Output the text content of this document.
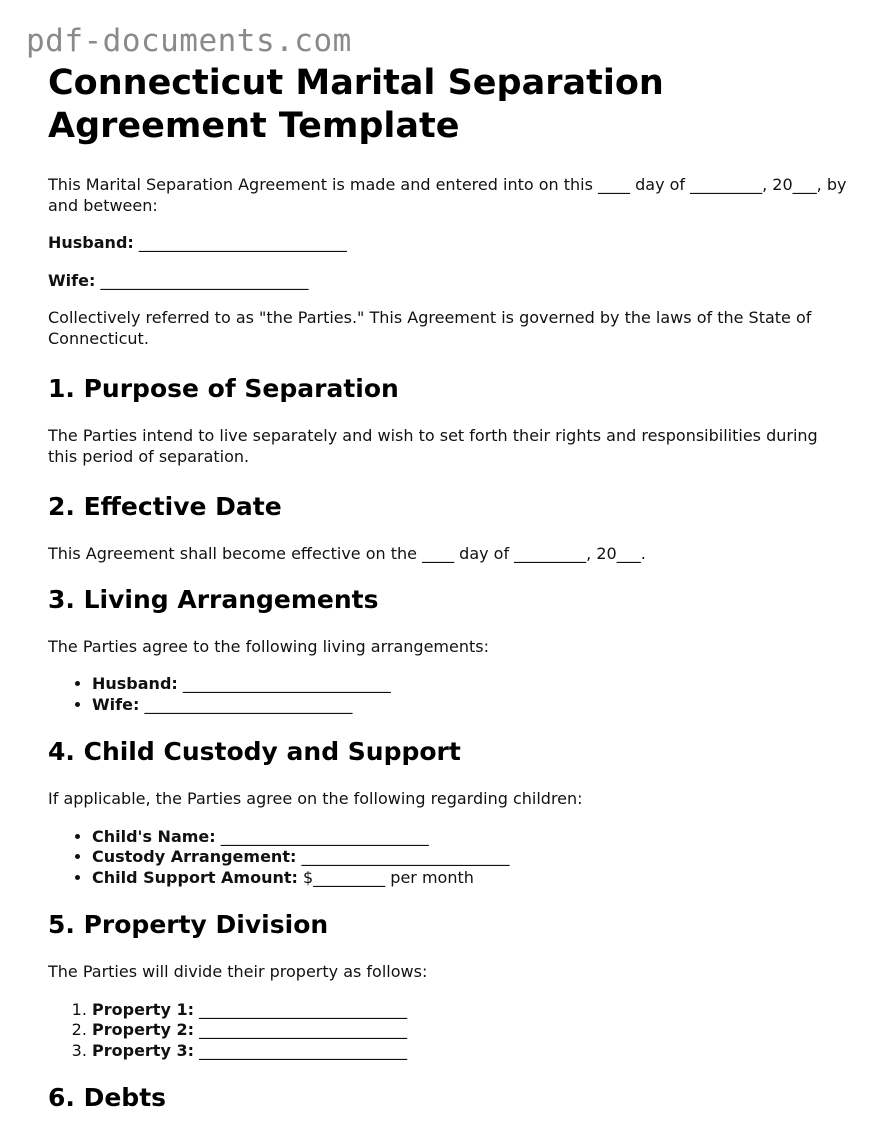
pdf-documents.com
Connecticut Marital Separation Agreement Template

This Marital Separation Agreement is made and entered into on this ____ day of _________, 20___, by and between:

Husband: __________________________

Wife: __________________________

Collectively referred to as "the Parties." This Agreement is governed by the laws of the State of Connecticut.

1. Purpose of Separation

The Parties intend to live separately and wish to set forth their rights and responsibilities during this period of separation.

2. Effective Date

This Agreement shall become effective on the ____ day of _________, 20___.

3. Living Arrangements

The Parties agree to the following living arrangements:

• Husband: __________________________
• Wife: __________________________
4. Child Custody and Support

If applicable, the Parties agree on the following regarding children:

• Child's Name: __________________________
• Custody Arrangement: __________________________
• Child Support Amount: $_________ per month
5. Property Division

The Parties will divide their property as follows:

1. Property 1: __________________________
2. Property 2: __________________________
3. Property 3: __________________________
6. Debts
